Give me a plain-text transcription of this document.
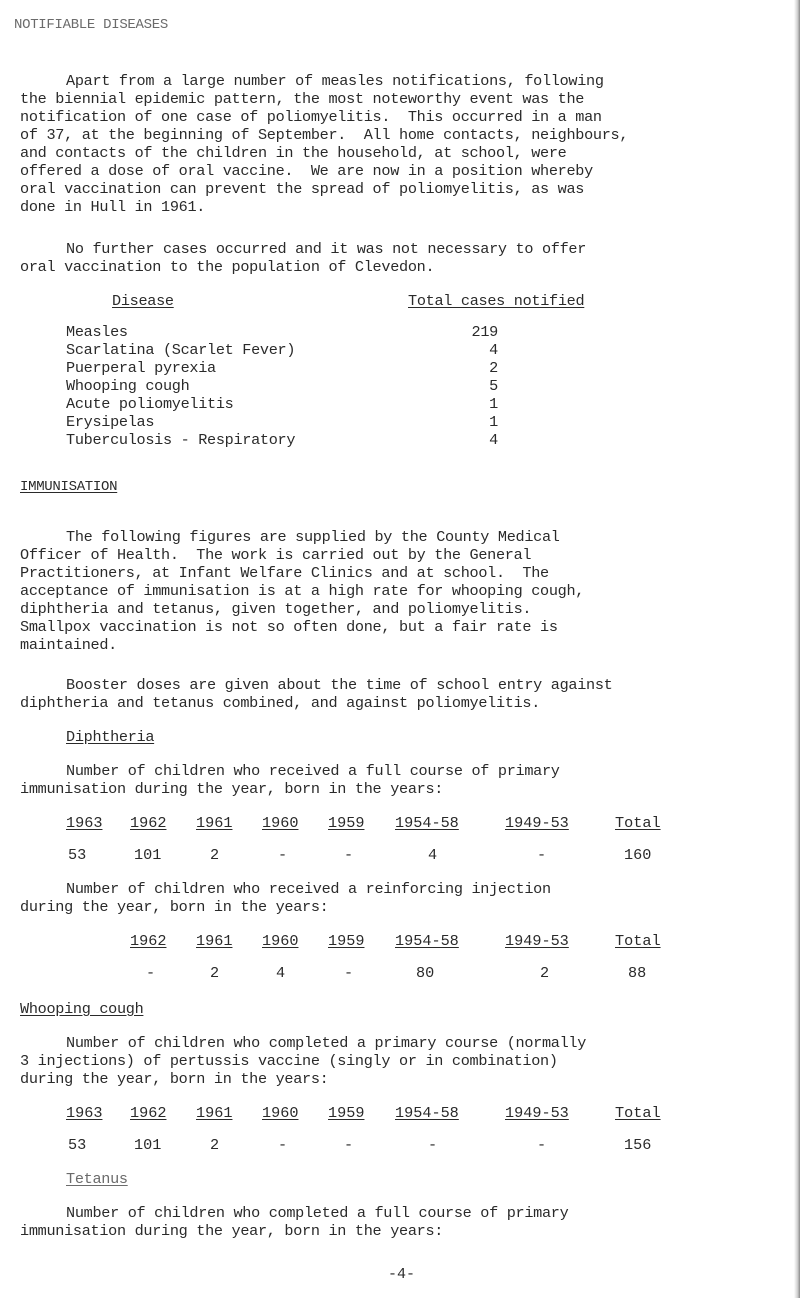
NOTIFIABLE DISEASES
Apart from a large number of measles notifications, following
the biennial epidemic pattern, the most noteworthy event was the
notification of one case of poliomyelitis.  This occurred in a man
of 37, at the beginning of September.  All home contacts, neighbours,
and contacts of the children in the household, at school, were
offered a dose of oral vaccine.  We are now in a position whereby
oral vaccination can prevent the spread of poliomyelitis, as was
done in Hull in 1961.
No further cases occurred and it was not necessary to offer
oral vaccination to the population of Clevedon.
Disease	Total cases notified
Measles	219
Scarlatina (Scarlet Fever)	4
Puerperal pyrexia	2
Whooping cough	5
Acute poliomyelitis	1
Erysipelas	1
Tuberculosis - Respiratory	4
IMMUNISATION
The following figures are supplied by the County Medical
Officer of Health.  The work is carried out by the General
Practitioners, at Infant Welfare Clinics and at school.  The
acceptance of immunisation is at a high rate for whooping cough,
diphtheria and tetanus, given together, and poliomyelitis.
Smallpox vaccination is not so often done, but a fair rate is
maintained.
Booster doses are given about the time of school entry against
diphtheria and tetanus combined, and against poliomyelitis.
Diphtheria
Number of children who received a full course of primary
immunisation during the year, born in the years:
1963 1962 1961 1960 1959 1954-58	1949-53	Total
53	101	2	-	-	4	-	160
Number of children who received a reinforcing injection
during the year, born in the years:
1962 1961 1960 1959 1954-58	1949-53	Total
-	2	4	-	80	2	88
Whooping cough
Number of children who completed a primary course (normally
3 injections) of pertussis vaccine (singly or in combination)
during the year, born in the years:
1963 1962 1961 1960 1959 1954-58	1949-53	Total
53	101	2	-	-	-	-	156
Tetanus
Number of children who completed a full course of primary
immunisation during the year, born in the years:
-4-
